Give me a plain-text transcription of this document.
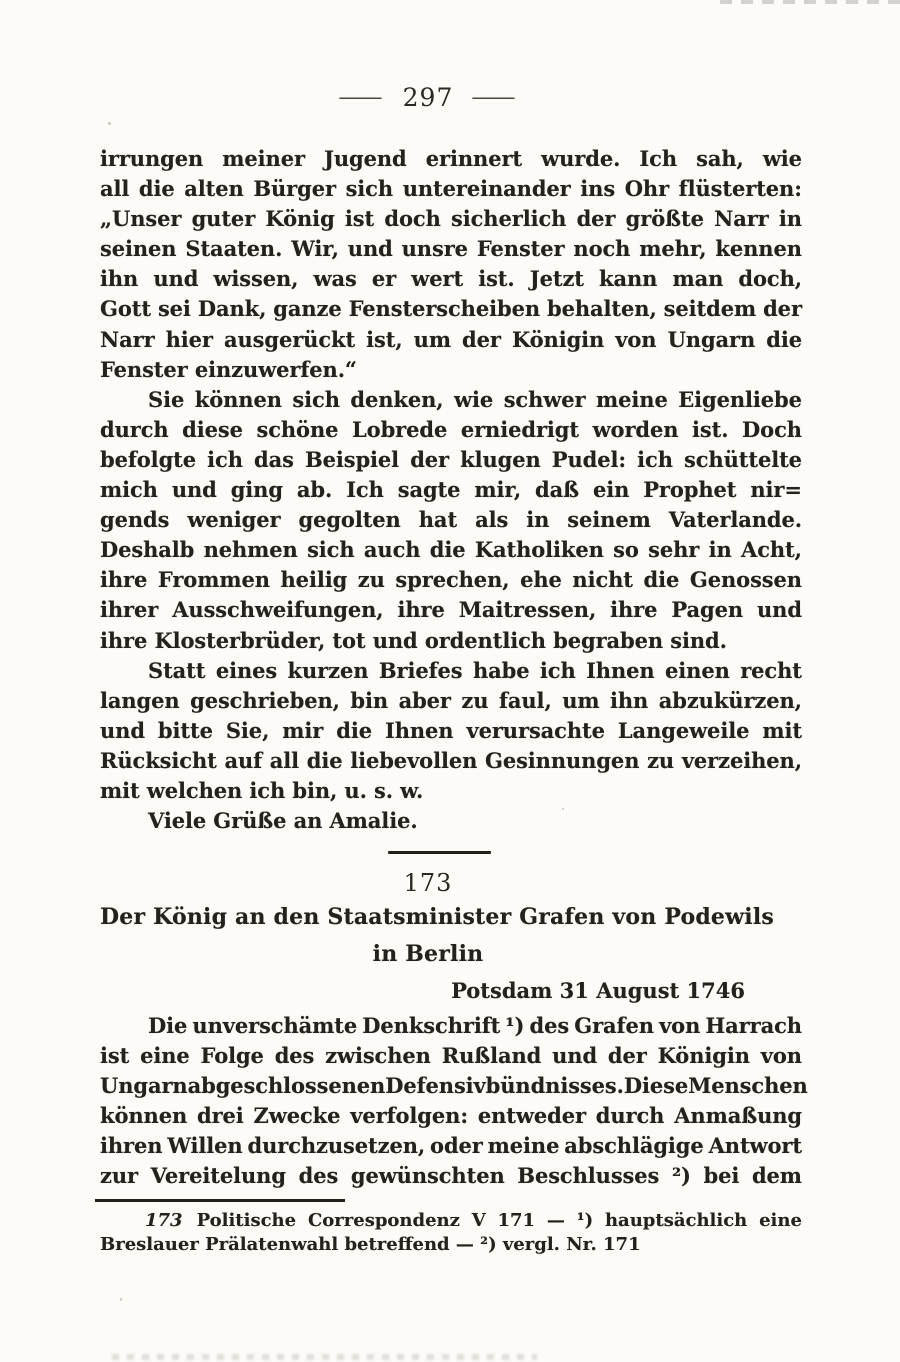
— 297 —
irrungen meiner Jugend erinnert wurde. Ich sah, wie
all die alten Bürger sich untereinander ins Ohr flüsterten:
„Unser guter König ist doch sicherlich der größte Narr in
seinen Staaten. Wir, und unsre Fenster noch mehr, kennen
ihn und wissen, was er wert ist. Jetzt kann man doch,
Gott sei Dank, ganze Fensterscheiben behalten, seitdem der
Narr hier ausgerückt ist, um der Königin von Ungarn die
Fenster einzuwerfen.“
Sie können sich denken, wie schwer meine Eigenliebe
durch diese schöne Lobrede erniedrigt worden ist. Doch
befolgte ich das Beispiel der klugen Pudel: ich schüttelte
mich und ging ab. Ich sagte mir, daß ein Prophet nir=
gends weniger gegolten hat als in seinem Vaterlande.
Deshalb nehmen sich auch die Katholiken so sehr in Acht,
ihre Frommen heilig zu sprechen, ehe nicht die Genossen
ihrer Ausschweifungen, ihre Maitressen, ihre Pagen und
ihre Klosterbrüder, tot und ordentlich begraben sind.
Statt eines kurzen Briefes habe ich Ihnen einen recht
langen geschrieben, bin aber zu faul, um ihn abzukürzen,
und bitte Sie, mir die Ihnen verursachte Langeweile mit
Rücksicht auf all die liebevollen Gesinnungen zu verzeihen,
mit welchen ich bin, u. s. w.
Viele Grüße an Amalie.
173
Der König an den Staatsminister Grafen von Podewils
in Berlin
Potsdam 31 August 1746
Die unverschämte Denkschrift ¹) des Grafen von Harrach
ist eine Folge des zwischen Rußland und der Königin von
Ungarn abgeschlossenen Defensivbündnisses. Diese Menschen
können drei Zwecke verfolgen: entweder durch Anmaßung
ihren Willen durchzusetzen, oder meine abschlägige Antwort
zur Vereitelung des gewünschten Beschlusses ²) bei dem
173 Politische Correspondenz V 171 — ¹) hauptsächlich eine
Breslauer Prälatenwahl betreffend — ²) vergl. Nr. 171
